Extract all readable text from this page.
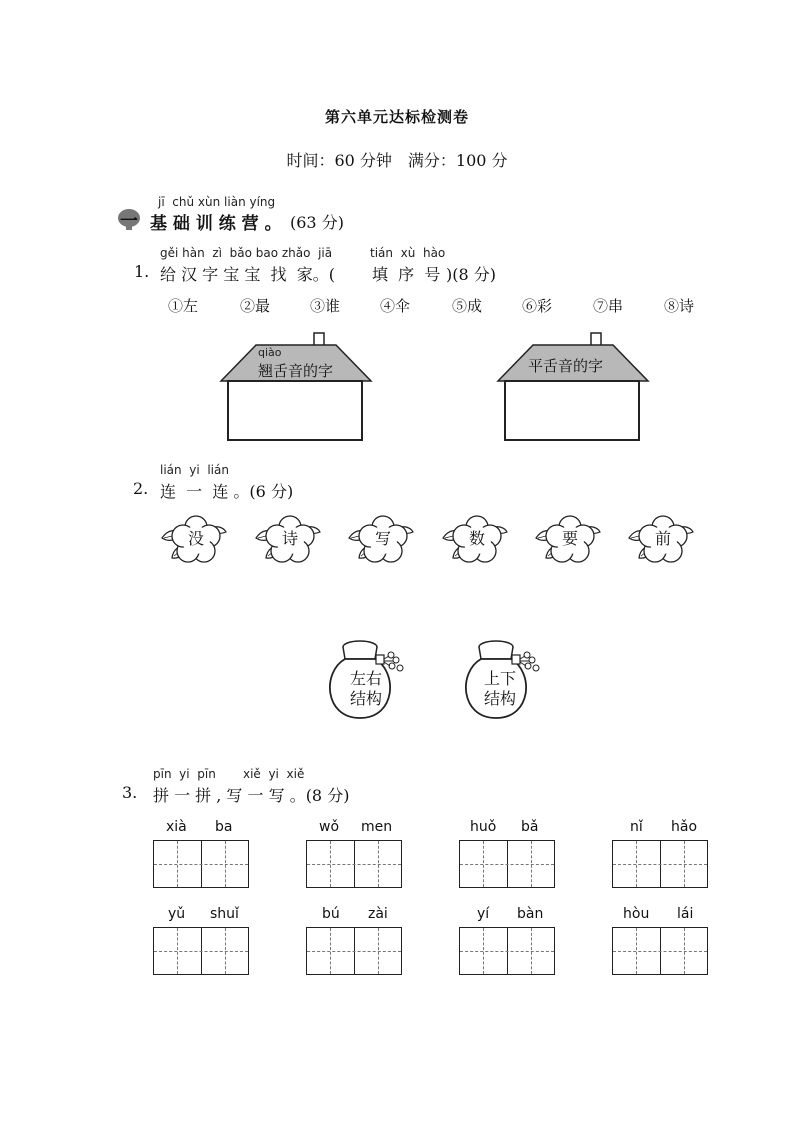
第六单元达标检测卷
时间：60 分钟　满分：100 分
jī  chǔ xùn liàn yíng
一 基 础 训 练 营 。 (63 分)
gěi hàn  zì  bǎo bao zhǎo  jiā	tián  xù  hào
1. 给 汉 字 宝 宝  找  家。( 填  序  号 )(8 分)
①左	②最	③谁	④伞	⑤成	⑥彩	⑦串	⑧诗
qiào
翘舌音的字	平舌音的字
lián  yi  lián
2. 连  一  连 。(6 分)
没	诗	写	数	要	前
左右
结构
上下
结构
pīn  yi  pīn xiě  yi  xiě
3. 拼 一 拼 , 写 一 写 。(8 分)
xià ba	wǒ men	huǒ bǎ	nǐ hǎo
yǔ shuǐ	bú zài	yí bàn	hòu lái
